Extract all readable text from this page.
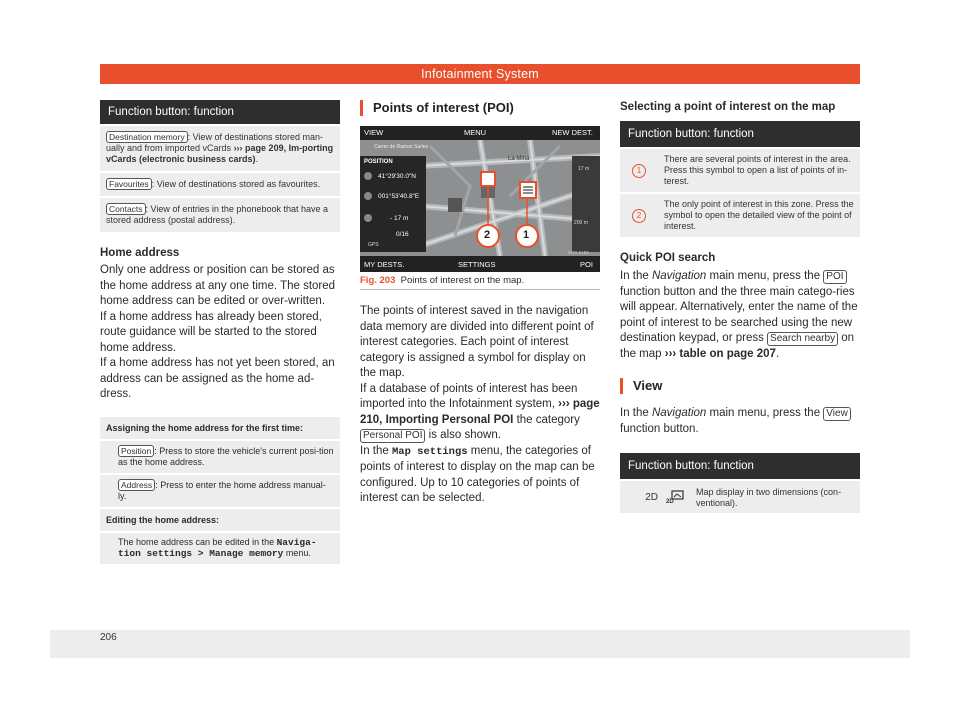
Infotainment System
Function button: function
Destination memory : View of destinations stored man-ually and from imported vCards ››› page 209, Im-porting vCards (electronic business cards).
Favourites : View of destinations stored as favourites.
Contacts : View of entries in the phonebook that have a stored address (postal address).
Home address

Only one address or position can be stored as the home address at any one time. The stored home address can be edited or over-written.

If a home address has already been stored, route guidance will be started to the stored home address.

If a home address has not yet been stored, an address can be assigned as the home ad-dress.

Assigning the home address for the first time:
Position : Press to store the vehicle's current posi-tion as the home address.
Address : Press to enter the home address manual-ly.
Editing the home address:
The home address can be edited in the Naviga-tion settings > Manage memory menu.
Points of interest (POI)
VIEW	MENU	NEW DEST.
Carrer de Ramon Sarles
POSITION
41°29'30.0"N
001°53'40.8"E
- 17 m
0/16
GPS
La Mina
17 m
200 m
2	1
BRS-0159
MY DESTS.	SETTINGS	POI
Fig. 203 Points of interest on the map.

The points of interest saved in the navigation data memory are divided into different point of interest categories. Each point of interest category is assigned a symbol for display on the map.

If a database of points of interest has been imported into the Infotainment system, ››› page 210, Importing Personal POI the category Personal POI is also shown.

In the Map settings menu, the categories of points of interest to display on the map can be configured. Up to 10 categories of points of interest can be selected.

Selecting a point of interest on the map
Function button: function
1
There are several points of interest in the area. Press this symbol to open a list of points of in-terest.
2
The only point of interest in this zone. Press the symbol to open the detailed view of the point of interest.
Quick POI search

In the Navigation main menu, press the POI function button and the three main catego-ries will appear. Alternatively, enter the name of the point of interest to be searched using the new destination keypad, or press Search nearby on the map ››› table on page 207.

View

In the Navigation main menu, press the View function button.

Function button: function
2D 2D
Map display in two dimensions (con-ventional).
206
